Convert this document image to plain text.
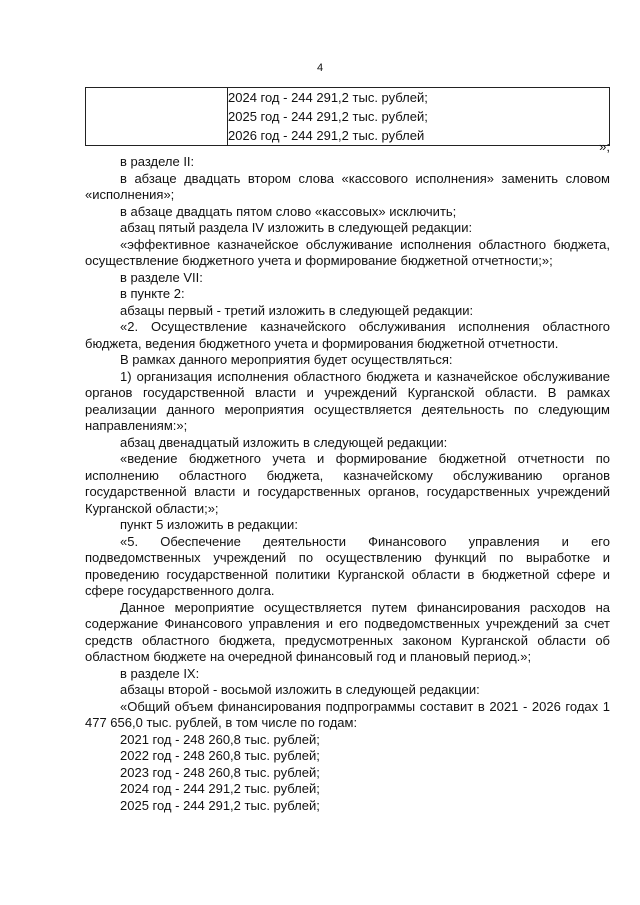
4

2024 год - 244 291,2 тыс. рублей;
2025 год - 244 291,2 тыс. рублей;
2026 год - 244 291,2 тыс. рублей
»;

в разделе II:

в абзаце двадцать втором слова «кассового исполнения» заменить словом «исполнения»;

в абзаце двадцать пятом слово «кассовых» исключить;

абзац пятый раздела IV изложить в следующей редакции:

«эффективное казначейское обслуживание исполнения областного бюджета, осуществление бюджетного учета и формирование бюджетной отчетности;»;

в разделе VII:

в пункте 2:

абзацы первый - третий изложить в следующей редакции:

«2. Осуществление казначейского обслуживания исполнения областного бюджета, ведения бюджетного учета и формирования бюджетной отчетности.

В рамках данного мероприятия будет осуществляться:

1) организация исполнения областного бюджета и казначейское обслуживание органов государственной власти и учреждений Курганской области. В рамках реализации данного мероприятия осуществляется деятельность по следующим направлениям:»;

абзац двенадцатый изложить в следующей редакции:

«ведение бюджетного учета и формирование бюджетной отчетности по исполнению областного бюджета, казначейскому обслуживанию органов государственной власти и государственных органов, государственных учреждений Курганской области;»;

пункт 5 изложить в редакции:

«5. Обеспечение деятельности Финансового управления и его подведомственных учреждений по осуществлению функций по выработке и проведению государственной политики Курганской области в бюджетной сфере и сфере государственного долга.

Данное мероприятие осуществляется путем финансирования расходов на содержание Финансового управления и его подведомственных учреждений за счет средств областного бюджета, предусмотренных законом Курганской области об областном бюджете на очередной финансовый год и плановый период.»;

в разделе IX:

абзацы второй - восьмой изложить в следующей редакции:

«Общий объем финансирования подпрограммы составит в 2021 - 2026 годах 1 477 656,0 тыс. рублей, в том числе по годам:

2021 год - 248 260,8 тыс. рублей;

2022 год - 248 260,8 тыс. рублей;

2023 год - 248 260,8 тыс. рублей;

2024 год - 244 291,2 тыс. рублей;

2025 год - 244 291,2 тыс. рублей;
